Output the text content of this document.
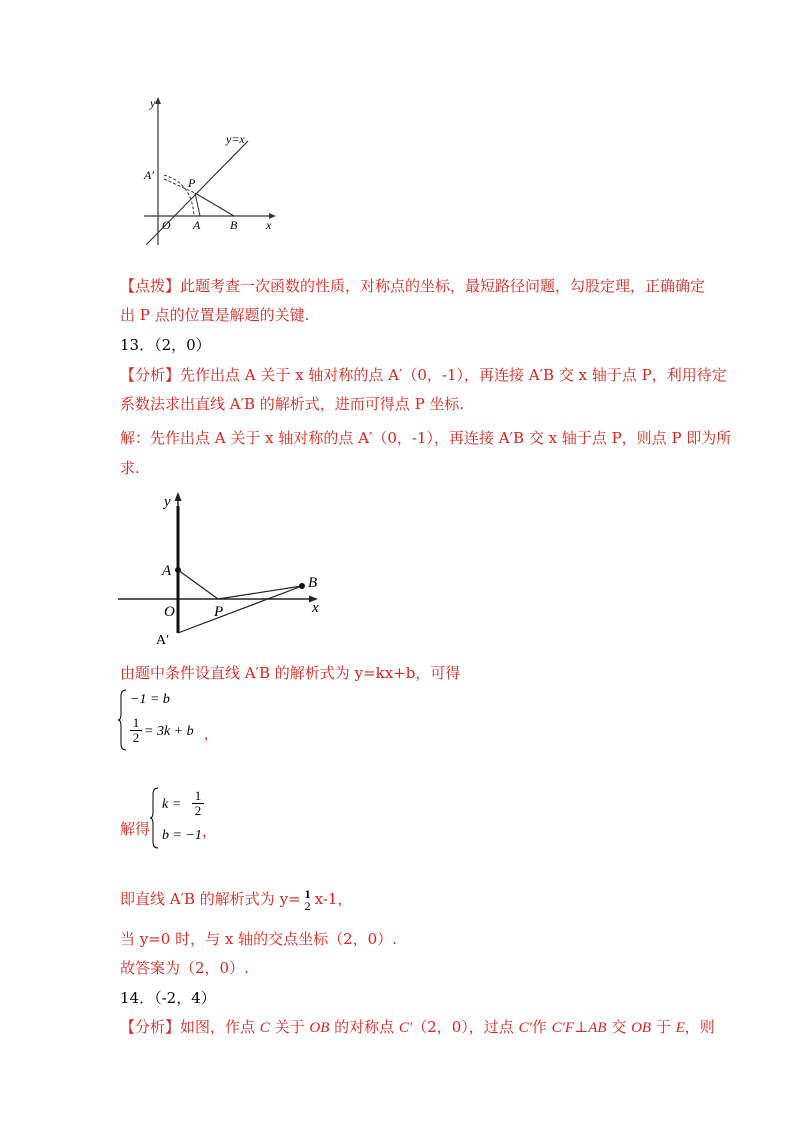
y
y=x
A′
P
O A B x
【点拨】此题考查一次函数的性质，对称点的坐标，最短路径问题，勾股定理，正确确定
出 P 点的位置是解题的关键.
13．（2，0）
【分析】先作出点 A 关于 x 轴对称的点 A′（0，-1），再连接 A′B 交 x 轴于点 P，利用待定
系数法求出直线 A′B 的解析式，进而可得点 P 坐标.
解：先作出点 A 关于 x 轴对称的点 A′（0，-1），再连接 A′B 交 x 轴于点 P，则点 P 即为所
求.
y
A
B
O	P	x
A′
由题中条件设直线 A′B 的解析式为 y=kx+b，可得
−1 = b
1
2 = 3k + b ，
解得
k =
1
2
b = −1 ，
即直线 A′B 的解析式为 y= 1
2 x-1，
当 y=0 时，与 x 轴的交点坐标（2，0）.
故答案为（2，0）.
14．（-2，4）
【分析】如图，作点 C 关于 OB 的对称点 C′（2，0），过点 C′作 C′F⊥AB 交 OB 于 E，则
